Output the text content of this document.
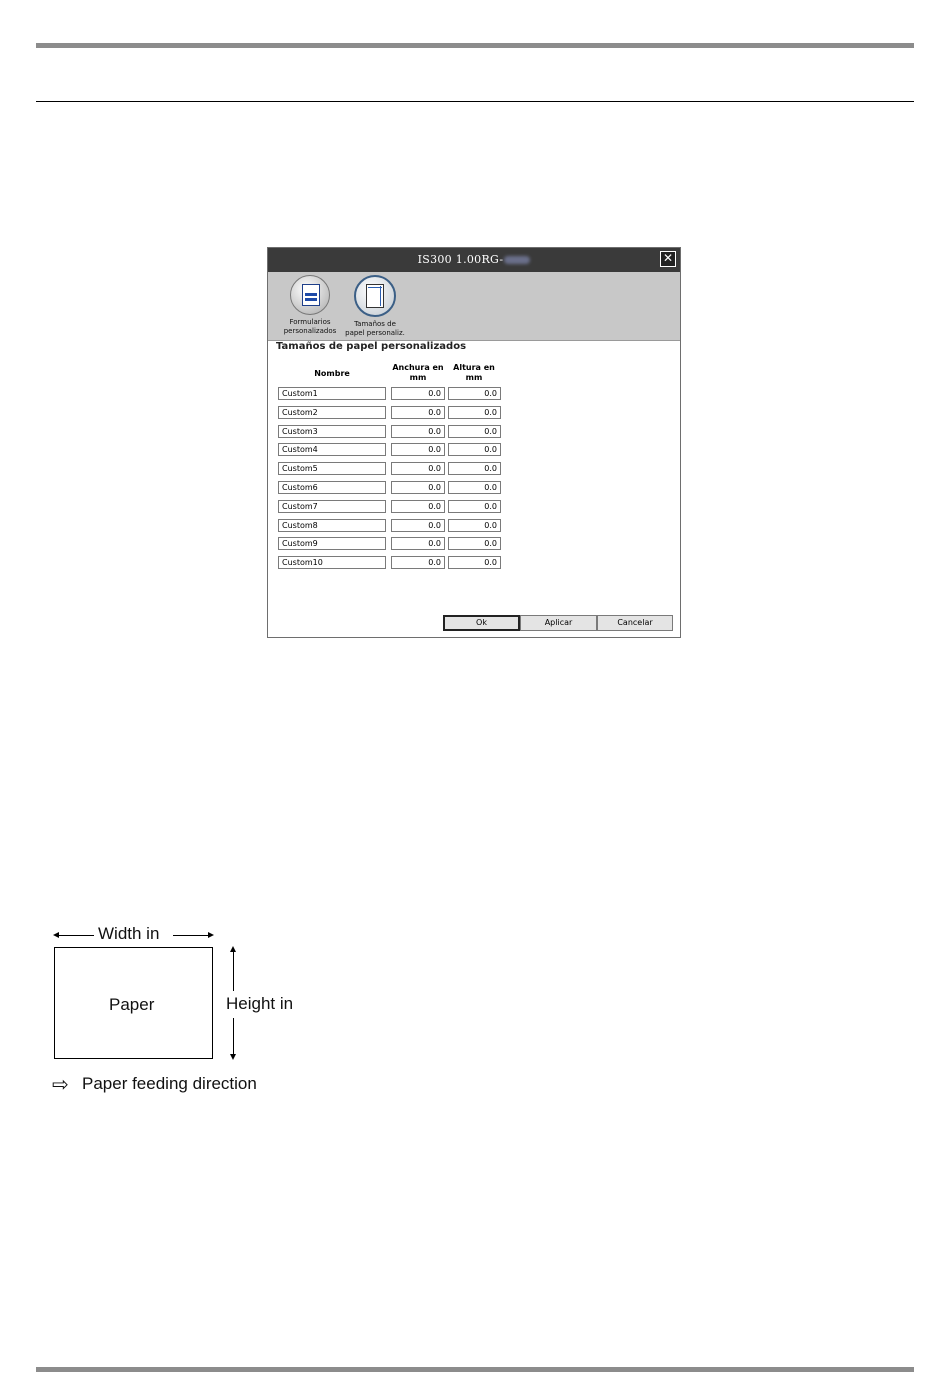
IS300 1.00RG-	✕
Formularios
personalizados
Tamaños de
papel personaliz.
Tamaños de papel personalizados
Nombre
Anchura en
mm
Altura en
mm
Custom1	0.0	0.0
Custom2	0.0	0.0
Custom3	0.0	0.0
Custom4	0.0	0.0
Custom5	0.0	0.0
Custom6	0.0	0.0
Custom7	0.0	0.0
Custom8	0.0	0.0
Custom9	0.0	0.0
Custom10	0.0	0.0
Ok	Aplicar	Cancelar
Width in
Paper	Height in
⇨ Paper feeding direction
